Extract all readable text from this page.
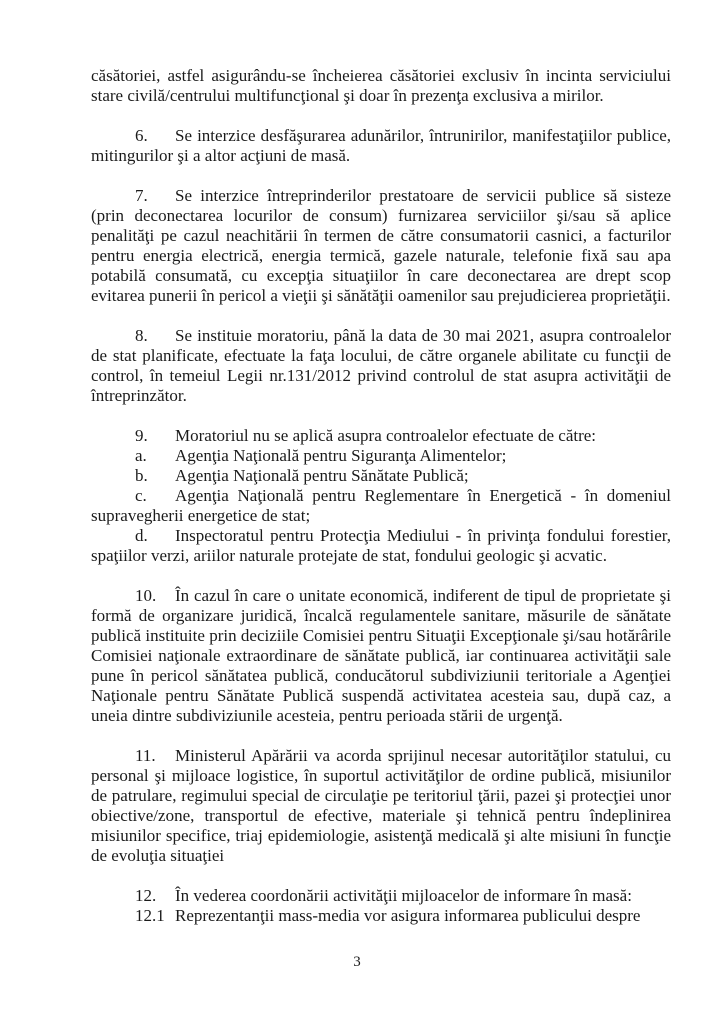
căsătoriei, astfel asigurându-se încheierea căsătoriei exclusiv în incinta serviciului stare civilă/centrului multifuncţional şi doar în prezenţa exclusiva a mirilor.

6. Se interzice desfăşurarea adunărilor, întrunirilor, manifestaţiilor publice, mitingurilor şi a altor acţiuni de masă.

7. Se interzice întreprinderilor prestatoare de servicii publice să sisteze (prin deconectarea locurilor de consum) furnizarea serviciilor şi/sau să aplice penalităţi pe cazul neachitării în termen de către consumatorii casnici, a facturilor pentru energia electrică, energia termică, gazele naturale, telefonie fixă sau apa potabilă consumată, cu excepţia situaţiilor în care deconectarea are drept scop evitarea punerii în pericol a vieţii şi sănătăţii oamenilor sau prejudicierea proprietăţii.

8. Se instituie moratoriu, până la data de 30 mai 2021, asupra controalelor de stat planificate, efectuate la faţa locului, de către organele abilitate cu funcţii de control, în temeiul Legii nr.131/2012 privind controlul de stat asupra activităţii de întreprinzător.

9. Moratoriul nu se aplică asupra controalelor efectuate de către:

a. Agenţia Naţională pentru Siguranţa Alimentelor;

b. Agenţia Naţională pentru Sănătate Publică;

c. Agenţia Naţională pentru Reglementare în Energetică - în domeniul supravegherii energetice de stat;

d. Inspectoratul pentru Protecţia Mediului - în privinţa fondului forestier, spaţiilor verzi, ariilor naturale protejate de stat, fondului geologic şi acvatic.

10. În cazul în care o unitate economică, indiferent de tipul de proprietate şi formă de organizare juridică, încalcă regulamentele sanitare, măsurile de sănătate publică instituite prin deciziile Comisiei pentru Situaţii Excepţionale şi/sau hotărârile Comisiei naţionale extraordinare de sănătate publică, iar continuarea activităţii sale pune în pericol sănătatea publică, conducătorul subdiviziunii teritoriale a Agenţiei Naţionale pentru Sănătate Publică suspendă activitatea acesteia sau, după caz, a uneia dintre subdiviziunile acesteia, pentru perioada stării de urgenţă.

11. Ministerul Apărării va acorda sprijinul necesar autorităţilor statului, cu personal şi mijloace logistice, în suportul activităţilor de ordine publică, misiunilor de patrulare, regimului special de circulaţie pe teritoriul ţării, pazei şi protecţiei unor obiective/zone, transportul de efective, materiale şi tehnică pentru îndeplinirea misiunilor specifice, triaj epidemiologie, asistenţă medicală şi alte misiuni în funcţie de evoluţia situaţiei

12. În vederea coordonării activităţii mijloacelor de informare în masă:

12.1 Reprezentanţii mass-media vor asigura informarea publicului despre

3
